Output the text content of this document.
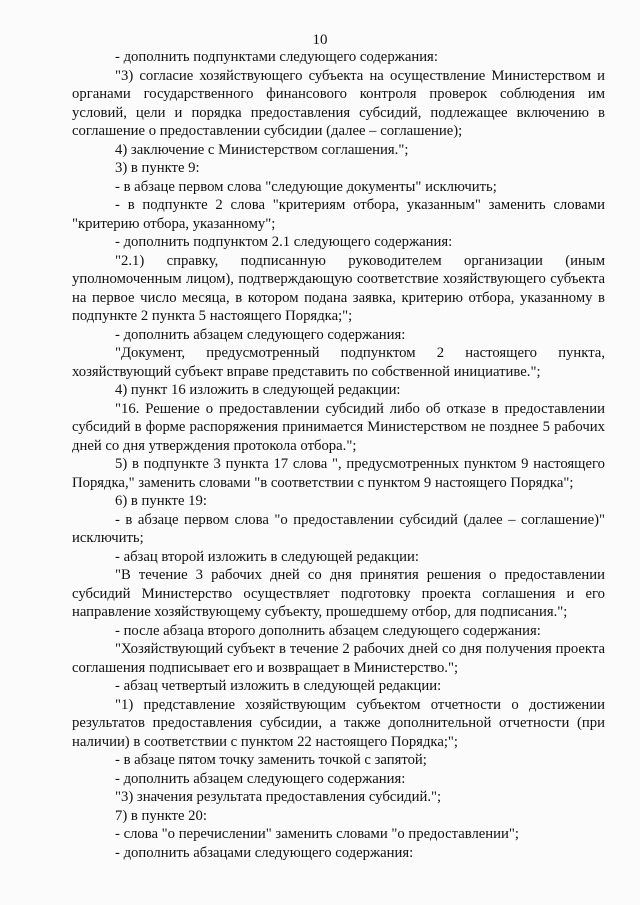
10

- дополнить подпунктами следующего содержания:

"3) согласие хозяйствующего субъекта на осуществление Министерством и органами государственного финансового контроля проверок соблюдения им условий, цели и порядка предоставления субсидий, подлежащее включению в соглашение о предоставлении субсидии (далее – соглашение);

4) заключение с Министерством соглашения.";

3) в пункте 9:

- в абзаце первом слова "следующие документы" исключить;

- в подпункте 2 слова "критериям отбора, указанным" заменить словами "критерию отбора, указанному";

- дополнить подпунктом 2.1 следующего содержания:

"2.1) справку, подписанную руководителем организации (иным уполномоченным лицом), подтверждающую соответствие хозяйствующего субъекта на первое число месяца, в котором подана заявка, критерию отбора, указанному в подпункте 2 пункта 5 настоящего Порядка;";

- дополнить абзацем следующего содержания:

"Документ, предусмотренный подпунктом 2 настоящего пункта, хозяйствующий субъект вправе представить по собственной инициативе.";

4) пункт 16 изложить в следующей редакции:

"16. Решение о предоставлении субсидий либо об отказе в предоставлении субсидий в форме распоряжения принимается Министерством не позднее 5 рабочих дней со дня утверждения протокола отбора.";

5) в подпункте 3 пункта 17 слова ", предусмотренных пунктом 9 настоящего Порядка," заменить словами "в соответствии с пунктом 9 настоящего Порядка";

6) в пункте 19:

- в абзаце первом слова "о предоставлении субсидий (далее – соглашение)" исключить;

- абзац второй изложить в следующей редакции:

"В течение 3 рабочих дней со дня принятия решения о предоставлении субсидий Министерство осуществляет подготовку проекта соглашения и его направление хозяйствующему субъекту, прошедшему отбор, для подписания.";

- после абзаца второго дополнить абзацем следующего содержания:

"Хозяйствующий субъект в течение 2 рабочих дней со дня получения проекта соглашения подписывает его и возвращает в Министерство.";

- абзац четвертый изложить в следующей редакции:

"1) представление хозяйствующим субъектом отчетности о достижении результатов предоставления субсидии, а также дополнительной отчетности (при наличии) в соответствии с пунктом 22 настоящего Порядка;";

- в абзаце пятом точку заменить точкой с запятой;

- дополнить абзацем следующего содержания:

"3) значения результата предоставления субсидий.";

7) в пункте 20:

- слова "о перечислении" заменить словами "о предоставлении";

- дополнить абзацами следующего содержания:
